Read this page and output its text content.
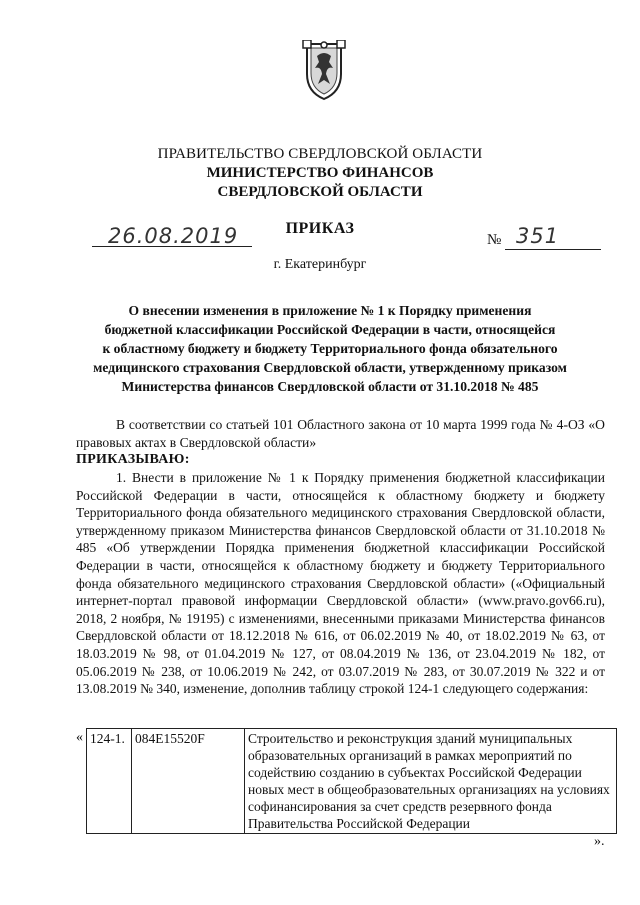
ПРАВИТЕЛЬСТВО СВЕРДЛОВСКОЙ ОБЛАСТИ
МИНИСТЕРСТВО ФИНАНСОВ
СВЕРДЛОВСКОЙ ОБЛАСТИ
ПРИКАЗ
26.08.2019	№ 351
г. Екатеринбург
О внесении изменения в приложение № 1 к Порядку применения
бюджетной классификации Российской Федерации в части, относящейся
к областному бюджету и бюджету Территориального фонда обязательного
медицинского страхования Свердловской области, утвержденному приказом
Министерства финансов Свердловской области от 31.10.2018 № 485

В соответствии со статьей 101 Областного закона от 10 марта 1999 года № 4-ОЗ «О правовых актах в Свердловской области»

ПРИКАЗЫВАЮ:

1. Внести в приложение № 1 к Порядку применения бюджетной классификации Российской Федерации в части, относящейся к областному бюджету и бюджету Территориального фонда обязательного медицинского страхования Свердловской области, утвержденному приказом Министерства финансов Свердловской области от 31.10.2018 № 485 «Об утверждении Порядка применения бюджетной классификации Российской Федерации в части, относящейся к областному бюджету и бюджету Территориального фонда обязательного медицинского страхования Свердловской области» («Официальный интернет-портал правовой информации Свердловской области» (www.pravo.gov66.ru), 2018, 2 ноября, № 19195) с изменениями, внесенными приказами Министерства финансов Свердловской области от 18.12.2018 № 616, от 06.02.2019 № 40, от 18.02.2019 № 63, от 18.03.2019 № 98, от 01.04.2019 № 127, от 08.04.2019 № 136, от 23.04.2019 № 182, от 05.06.2019 № 238, от 10.06.2019 № 242, от 03.07.2019 № 283, от 30.07.2019 № 322 и от 13.08.2019 № 340, изменение, дополнив таблицу строкой 124-1 следующего содержания:

« 124-1.	084E15520F	Строительство и реконструкция зданий муниципальных образовательных организаций в рамках мероприятий по содействию созданию в субъектах Российской Федерации новых мест в общеобразовательных организациях на условиях софинансирования за счет средств резервного фонда Правительства Российской Федерации
».
